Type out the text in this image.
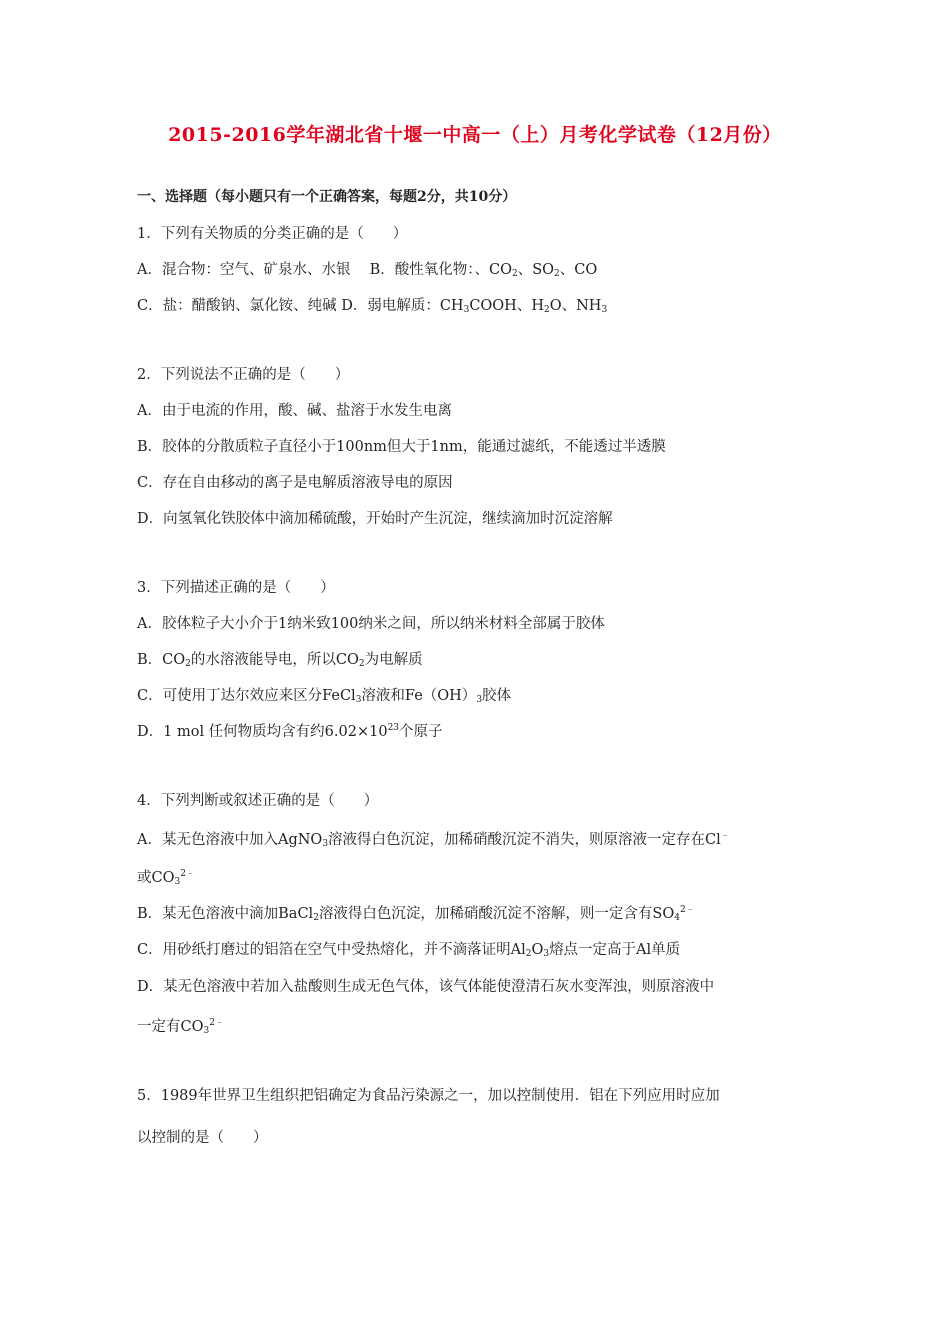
2015-2016学年湖北省十堰一中高一（上）月考化学试卷（12月份）
一、选择题（每小题只有一个正确答案，每题2分，共10分）
1．下列有关物质的分类正确的是（　　）
A．混合物：空气、矿泉水、水银　 B．酸性氧化物：、$CO_2$、$SO_2$、CO
C．盐：醋酸钠、氯化铵、纯碱 D．弱电解质：$CH_3COOH$、$H_2O$、$NH_3$
2．下列说法不正确的是（　　）
A．由于电流的作用，酸、碱、盐溶于水发生电离
B．胶体的分散质粒子直径小于100nm但大于1nm，能通过滤纸，不能透过半透膜
C．存在自由移动的离子是电解质溶液导电的原因
D．向氢氧化铁胶体中滴加稀硫酸，开始时产生沉淀，继续滴加时沉淀溶解
3．下列描述正确的是（　　）
A．胶体粒子大小介于1纳米致100纳米之间，所以纳米材料全部属于胶体
B．$CO_2$的水溶液能导电，所以$CO_2$为电解质
C．可使用丁达尔效应来区分FeCl$_3$溶液和$Fe(OH)_3$胶体
D．1 mol 任何物质均含有约$6.02\times 10^{23}$个原子
4．下列判断或叙述正确的是（　　）
A．某无色溶液中加入AgNO$_3$溶液得白色沉淀，加稀硝酸沉淀不消失，则原溶液一定存在Cl﹣
或$CO_3^{2﹣}$
B．某无色溶液中滴加BaCl$_2$溶液得白色沉淀，加稀硝酸沉淀不溶解，则一定含有$SO_4^{2﹣}$
C．用砂纸打磨过的铝箔在空气中受热熔化，并不滴落证明$Al_2O_3$熔点一定高于Al单质
D．某无色溶液中若加入盐酸则生成无色气体，该气体能使澄清石灰水变浑浊，则原溶液中
一定有$CO_3^{2﹣}$
5．1989年世界卫生组织把铝确定为食品污染源之一，加以控制使用．铝在下列应用时应加
以控制的是（　　）
